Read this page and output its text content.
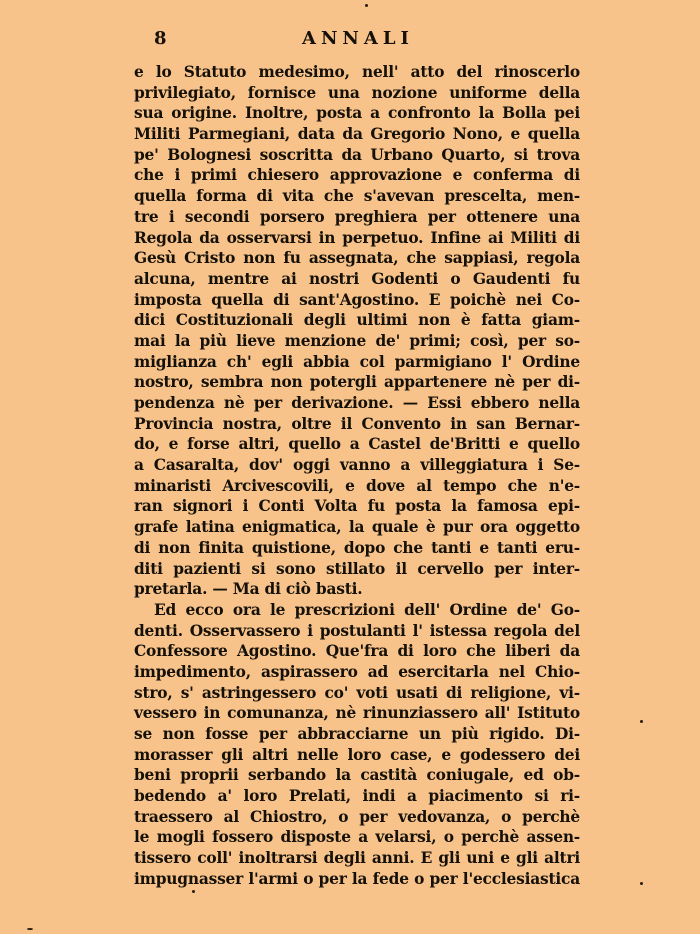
8	ANNALI
e lo Statuto medesimo, nell' atto del rinoscerlo
privilegiato, fornisce una nozione uniforme della
sua origine. Inoltre, posta a confronto la Bolla pei
Militi Parmegiani, data da Gregorio Nono, e quella
pe' Bolognesi soscritta da Urbano Quarto, si trova
che i primi chiesero approvazione e conferma di
quella forma di vita che s'avevan prescelta, men-
tre i secondi porsero preghiera per ottenere una
Regola da osservarsi in perpetuo. Infine ai Militi di
Gesù Cristo non fu assegnata, che sappiasi, regola
alcuna, mentre ai nostri Godenti o Gaudenti fu
imposta quella di sant'Agostino. E poichè nei Co-
dici Costituzionali degli ultimi non è fatta giam-
mai la più lieve menzione de' primi; così, per so-
miglianza ch' egli abbia col parmigiano l' Ordine
nostro, sembra non potergli appartenere nè per di-
pendenza nè per derivazione. — Essi ebbero nella
Provincia nostra, oltre il Convento in san Bernar-
do, e forse altri, quello a Castel de'Britti e quello
a Casaralta, dov' oggi vanno a villeggiatura i Se-
minaristi Arcivescovili, e dove al tempo che n'e-
ran signori i Conti Volta fu posta la famosa epi-
grafe latina enigmatica, la quale è pur ora oggetto
di non finita quistione, dopo che tanti e tanti eru-
diti pazienti si sono stillato il cervello per inter-
pretarla. — Ma di ciò basti.
Ed ecco ora le prescrizioni dell' Ordine de' Go-
denti. Osservassero i postulanti l' istessa regola del
Confessore Agostino. Que'fra di loro che liberi da
impedimento, aspirassero ad esercitarla nel Chio-
stro, s' astringessero co' voti usati di religione, vi-
vessero in comunanza, nè rinunziassero all' Istituto
se non fosse per abbracciarne un più rigido. Di-
morasser gli altri nelle loro case, e godessero dei
beni proprii serbando la castità coniugale, ed ob-
bedendo a' loro Prelati, indi a piacimento si ri-
traessero al Chiostro, o per vedovanza, o perchè
le mogli fossero disposte a velarsi, o perchè assen-
tissero coll' inoltrarsi degli anni. E gli uni e gli altri
impugnasser l'armi o per la fede o per l'ecclesiastica
